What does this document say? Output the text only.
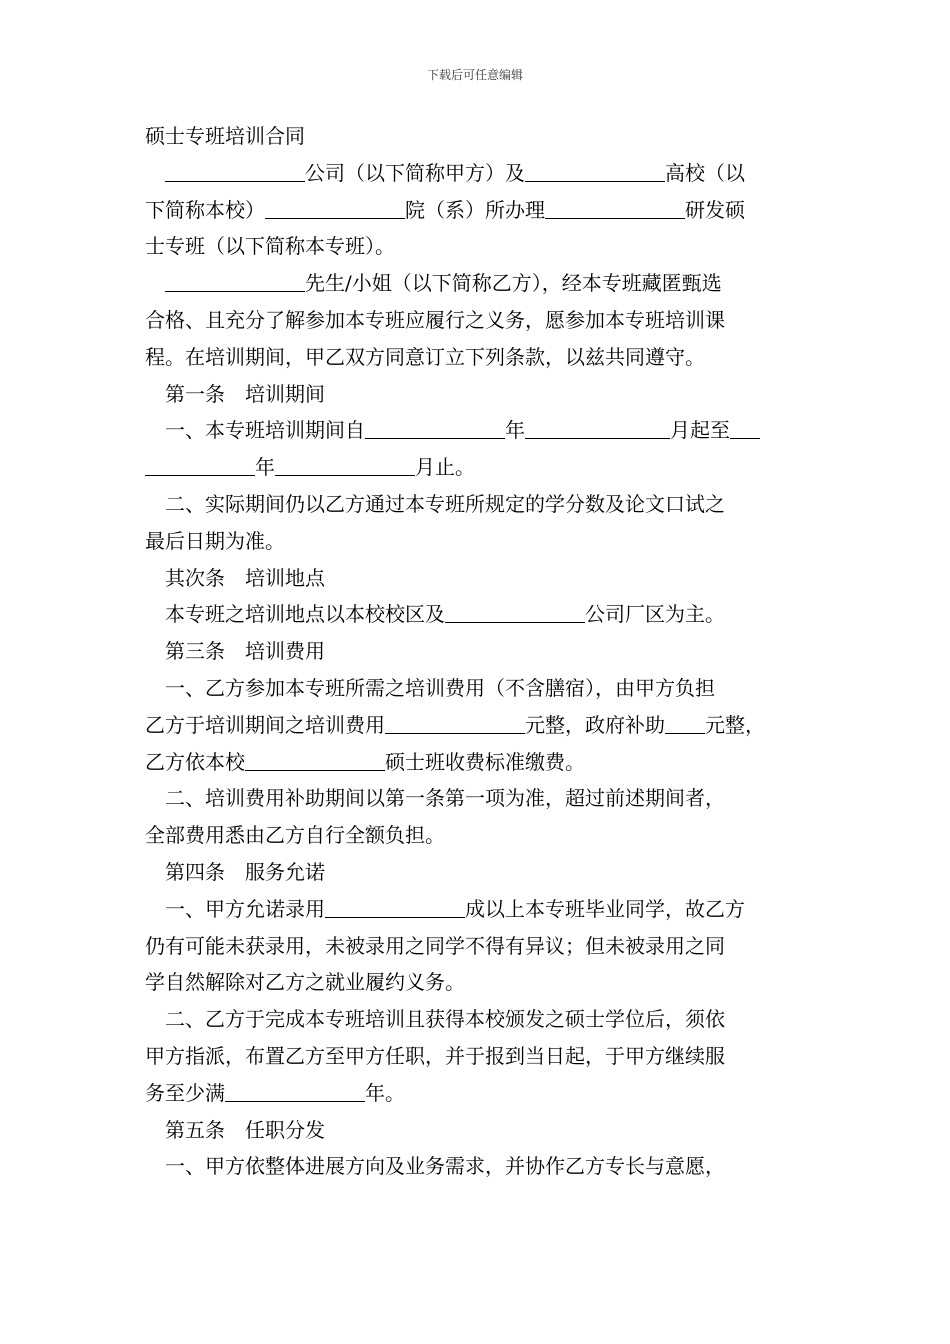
下载后可任意编辑
硕士专班培训合同
公司（以下简称甲方）及	高校（以
下简称本校）	院（系）所办理	研发硕
士专班（以下简称本专班）。
先生/小姐（以下简称乙方），经本专班藏匿甄选
合格、且充分了解参加本专班应履行之义务，愿参加本专班培训课
程。在培训期间，甲乙双方同意订立下列条款，以兹共同遵守。
第一条　培训期间
一、本专班培训期间自	年	月起至
年	月止。
二、实际期间仍以乙方通过本专班所规定的学分数及论文口试之
最后日期为准。
其次条　培训地点
本专班之培训地点以本校校区及	公司厂区为主。
第三条　培训费用
一、乙方参加本专班所需之培训费用（不含膳宿），由甲方负担
乙方于培训期间之培训费用	元整，政府补助 元整，
乙方依本校	硕士班收费标准缴费。
二、培训费用补助期间以第一条第一项为准，超过前述期间者，
全部费用悉由乙方自行全额负担。
第四条　服务允诺
一、甲方允诺录用	成以上本专班毕业同学，故乙方
仍有可能未获录用，未被录用之同学不得有异议；但未被录用之同
学自然解除对乙方之就业履约义务。
二、乙方于完成本专班培训且获得本校颁发之硕士学位后，须依
甲方指派，布置乙方至甲方任职，并于报到当日起，于甲方继续服
务至少满	年。
第五条　任职分发
一、甲方依整体进展方向及业务需求，并协作乙方专长与意愿，
